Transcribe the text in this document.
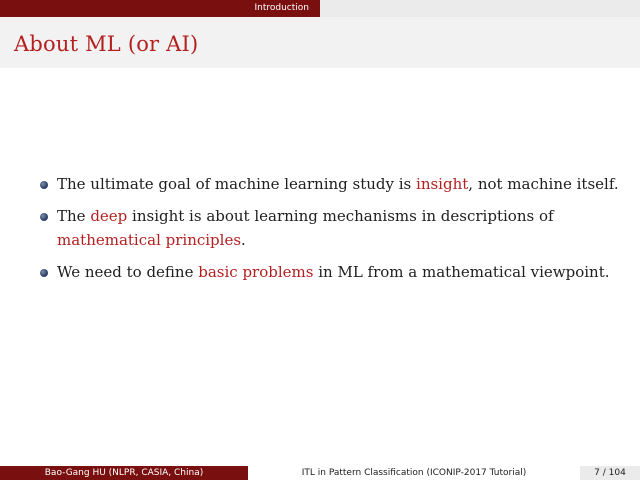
Introduction
About ML (or AI)
The ultimate goal of machine learning study is insight, not machine itself.
The deep insight is about learning mechanisms in descriptions of mathematical principles.
We need to define basic problems in ML from a mathematical viewpoint.
Bao-Gang HU (NLPR, CASIA, China)	ITL in Pattern Classification (ICONIP-2017 Tutorial)	7 / 104
